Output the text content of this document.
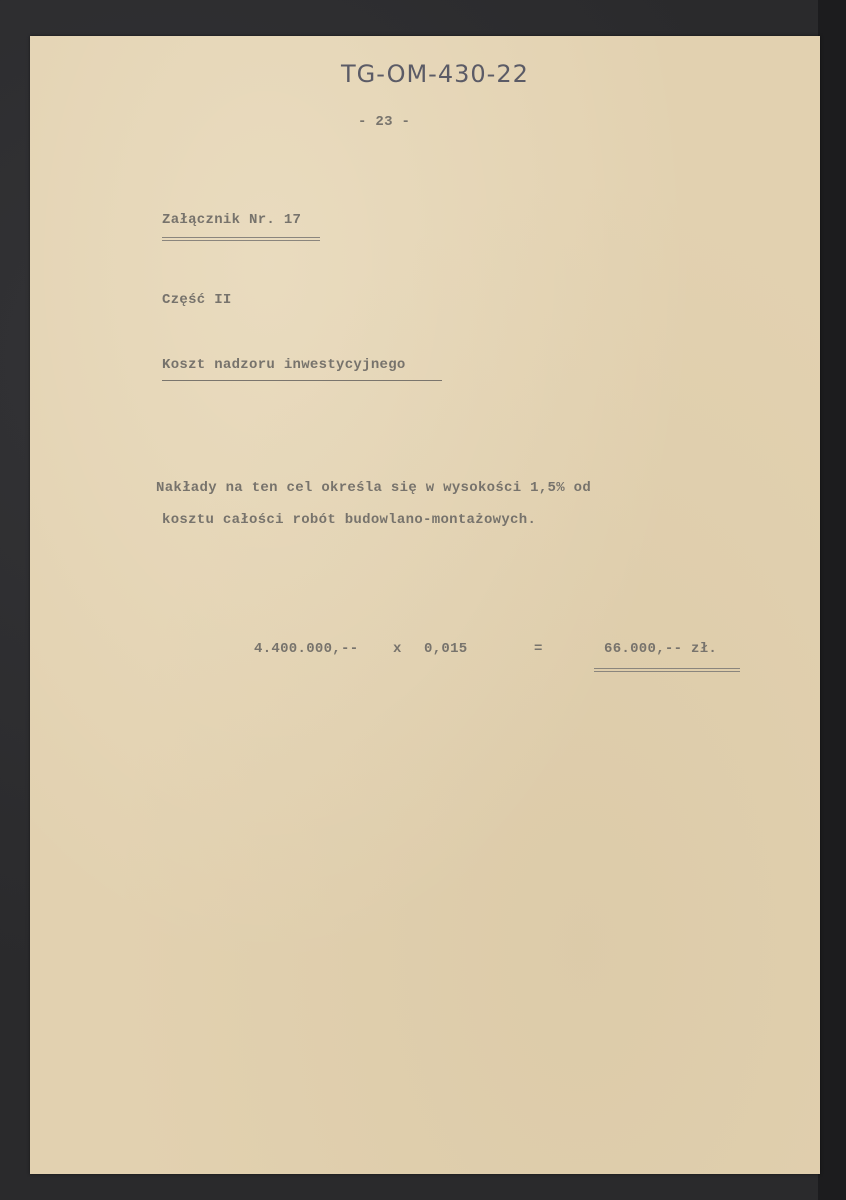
TG-OM-430-22
- 23 -
Załącznik Nr. 17
Część II
Koszt nadzoru inwestycyjnego
Nakłady na ten cel określa się w wysokości 1,5% od
kosztu całości robót budowlano-montażowych.
4.400.000,-- x 0,015	=	66.000,-- zł.
